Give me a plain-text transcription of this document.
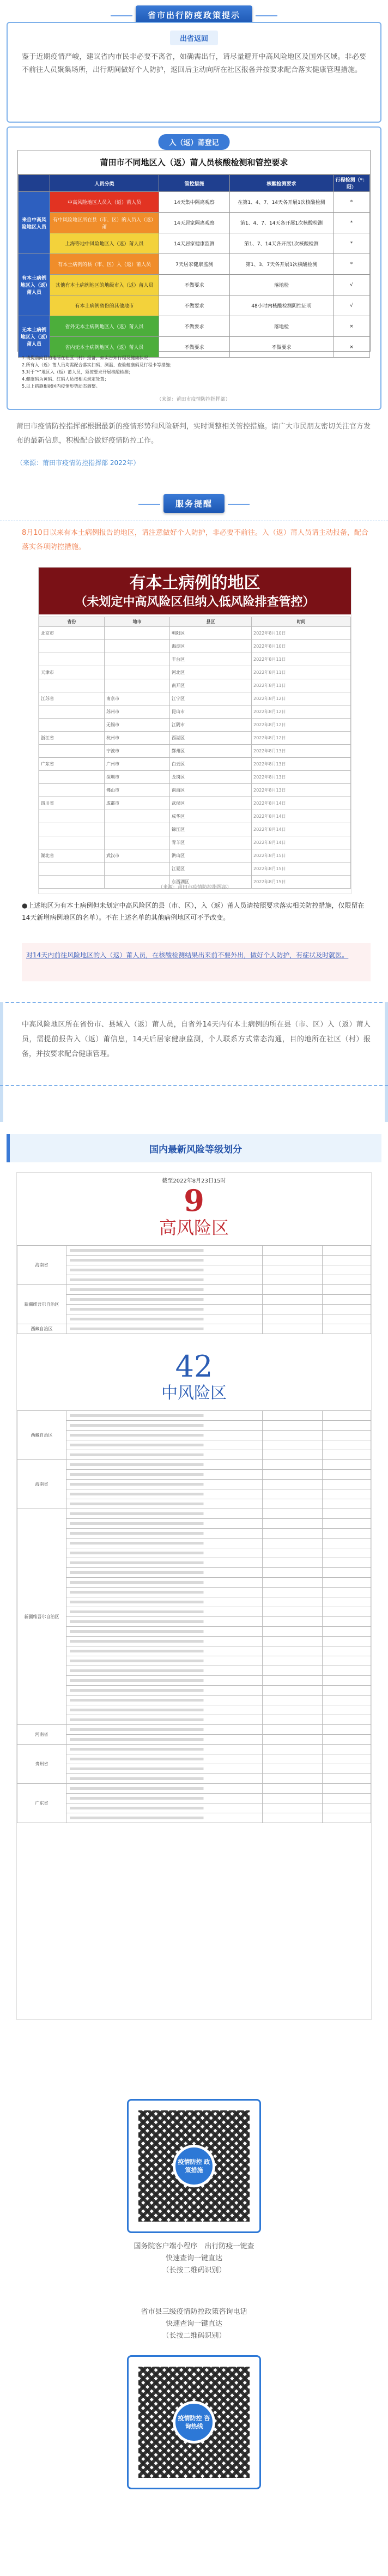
省市出行防疫政策提示
出省返回

鉴于近期疫情严峻，建议省内市民非必要不离省，如确需出行，请尽量避开中高风险地区及国外区域。非必要不前往人员聚集场所，出行期间做好个人防护，返回后主动向所在社区报备并按要求配合落实健康管理措施。

入（返）莆登记
莆田市不同地区入（返）莆人员核酸检测和管控要求
	人员分类	管控措施	核酸检测要求	行程检测（*：阳）
来自中高风险地区人员	中高风险地区人员入（返）莆人员	14天集中隔离观察	在第1、4、7、14天各开展1次核酸检测	*
	有中风险地区所在县（市、区）的人员入（返）莆	14天居家隔离观察	第1、4、7、14天各开展1次核酸检测	*
	上海等地中风险地区入（返）莆人员	14天居家健康监测	第1、7、14天各开展1次核酸检测	*
有本土病例地区入（返）莆人员	有本土病例的县（市、区）入（返）莆人员	7天居家健康监测	第1、3、7天各开展1次核酸检测	*
	其他有本土病例地区的地级市入（返）莆人员	不做要求	落地检	√
	有本土病例省份的其他地市	不做要求	48小时内核酸检测阴性证明	√
无本土病例地区入（返）莆人员	省外无本土病例地区入（返）莆人员	不做要求	落地检	×
	省内无本土病例地区入（返）莆人员	不做要求	不做要求	×
1.请提前向目的地所在社区（村）报备，如实告知行程及健康状况；
2.所有入（返）莆人员均需配合落实扫码、测温、查验健康码及行程卡等措施；
3.对于“*”地区入（返）莆人员，须按要求开展核酸检测；
4.健康码为黄码、红码人员按相关规定处置；
5.以上措施根据国内疫情形势动态调整。
（来源：莆田市疫情防控指挥部）

莆田市疫情防控指挥部根据最新的疫情形势和风险研判，实时调整相关管控措施。请广大市民朋友密切关注官方发布的最新信息，积极配合做好疫情防控工作。

（来源：莆田市疫情防控指挥部 2022年）

服务提醒

8月10日以来有本土病例报告的地区，请注意做好个人防护，非必要不前往。入（返）莆人员请主动报备，配合落实各项防控措施。

有本土病例的地区
（未划定中高风险区但纳入低风险排查管控）
省份	地市	县区	时间
北京市		朝阳区	2022年8月10日
		海淀区	2022年8月10日
		丰台区	2022年8月11日
天津市		河北区	2022年8月11日
		南开区	2022年8月11日
江苏省	南京市	江宁区	2022年8月12日
	苏州市	昆山市	2022年8月12日
	无锡市	江阴市	2022年8月12日
浙江省	杭州市	西湖区	2022年8月12日
	宁波市	鄞州区	2022年8月13日
广东省	广州市	白云区	2022年8月13日
	深圳市	龙岗区	2022年8月13日
	佛山市	南海区	2022年8月13日
四川省	成都市	武侯区	2022年8月14日
		成华区	2022年8月14日
		锦江区	2022年8月14日
		青羊区	2022年8月14日
湖北省	武汉市	洪山区	2022年8月15日
		江夏区	2022年8月15日
		东西湖区	2022年8月15日
（来源：莆田市疫情防控指挥部）

●上述地区为有本土病例但未划定中高风险区的县（市、区），入（返）莆人员请按照要求落实相关防控措施，仅限留在14天新增病例地区的名单）。不在上述名单的其他病例地区可不予改变。

对14天内前往风险地区的入（返）莆人员，在核酸检测结果出来前不要外出，做好个人防护，有症状及时就医。

中高风险地区所在省份市、县域入（返）莆人员，自省外14天内有本土病例的所在县（市、区）入（返）莆人员，需提前报告入（返）莆信息，14天后居家健康监测，个人联系方式常态沟通，目的地所在社区（村）报备，并按要求配合健康管理。

国内最新风险等级划分
截至2022年8月23日15时
9
高风险区
海南省			

新疆维吾尔自治区			

西藏自治区			
42
中风险区
西藏自治区			

海南省			

新疆维吾尔自治区			

河南省			

贵州省			

广东省			

疫情防控 政策措施
国务院客户端小程序　出行防疫一键查
快速查询一键直达
（长按二维码识别）
疫情防控 咨询热线
省市县三级疫情防控政策咨询电话
快速查询一键直达
（长按二维码识别）
